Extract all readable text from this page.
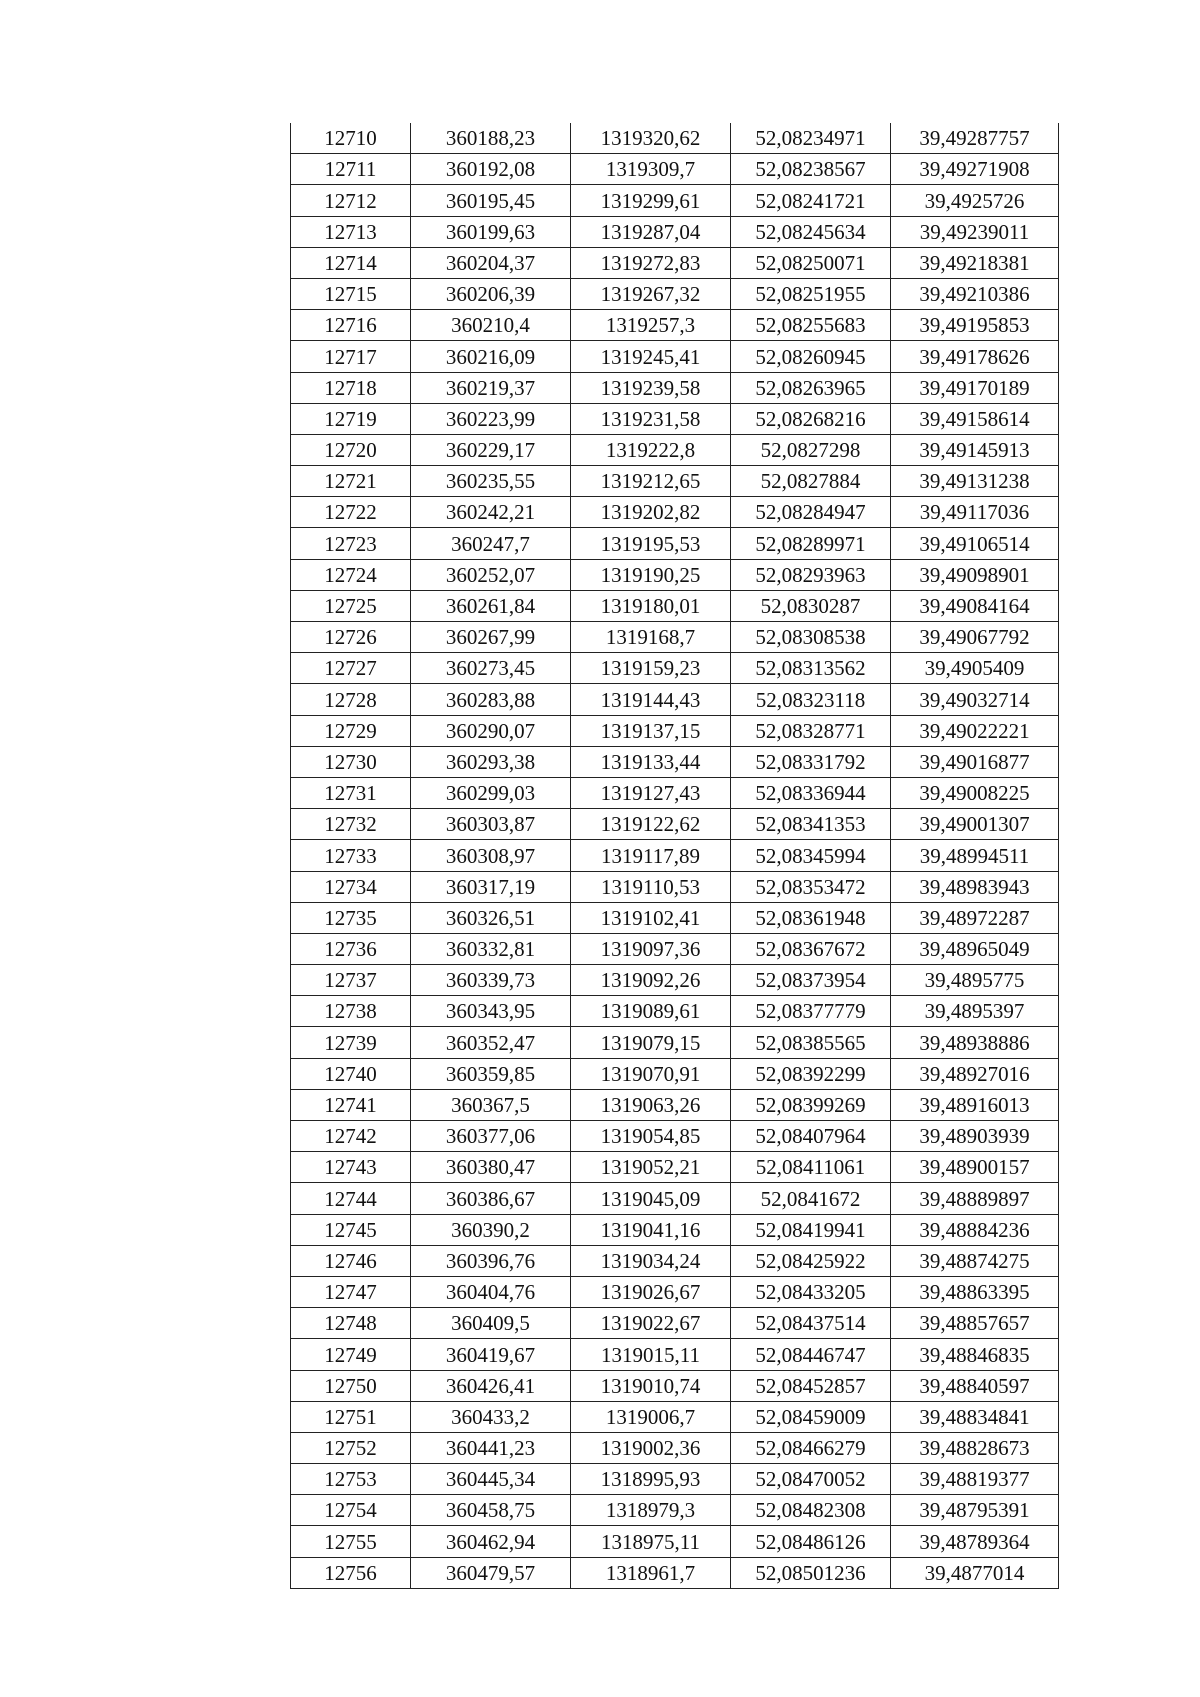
12710	360188,23	1319320,62	52,08234971	39,49287757
12711	360192,08	1319309,7	52,08238567	39,49271908
12712	360195,45	1319299,61	52,08241721	39,4925726
12713	360199,63	1319287,04	52,08245634	39,49239011
12714	360204,37	1319272,83	52,08250071	39,49218381
12715	360206,39	1319267,32	52,08251955	39,49210386
12716	360210,4	1319257,3	52,08255683	39,49195853
12717	360216,09	1319245,41	52,08260945	39,49178626
12718	360219,37	1319239,58	52,08263965	39,49170189
12719	360223,99	1319231,58	52,08268216	39,49158614
12720	360229,17	1319222,8	52,0827298	39,49145913
12721	360235,55	1319212,65	52,0827884	39,49131238
12722	360242,21	1319202,82	52,08284947	39,49117036
12723	360247,7	1319195,53	52,08289971	39,49106514
12724	360252,07	1319190,25	52,08293963	39,49098901
12725	360261,84	1319180,01	52,0830287	39,49084164
12726	360267,99	1319168,7	52,08308538	39,49067792
12727	360273,45	1319159,23	52,08313562	39,4905409
12728	360283,88	1319144,43	52,08323118	39,49032714
12729	360290,07	1319137,15	52,08328771	39,49022221
12730	360293,38	1319133,44	52,08331792	39,49016877
12731	360299,03	1319127,43	52,08336944	39,49008225
12732	360303,87	1319122,62	52,08341353	39,49001307
12733	360308,97	1319117,89	52,08345994	39,48994511
12734	360317,19	1319110,53	52,08353472	39,48983943
12735	360326,51	1319102,41	52,08361948	39,48972287
12736	360332,81	1319097,36	52,08367672	39,48965049
12737	360339,73	1319092,26	52,08373954	39,4895775
12738	360343,95	1319089,61	52,08377779	39,4895397
12739	360352,47	1319079,15	52,08385565	39,48938886
12740	360359,85	1319070,91	52,08392299	39,48927016
12741	360367,5	1319063,26	52,08399269	39,48916013
12742	360377,06	1319054,85	52,08407964	39,48903939
12743	360380,47	1319052,21	52,08411061	39,48900157
12744	360386,67	1319045,09	52,0841672	39,48889897
12745	360390,2	1319041,16	52,08419941	39,48884236
12746	360396,76	1319034,24	52,08425922	39,48874275
12747	360404,76	1319026,67	52,08433205	39,48863395
12748	360409,5	1319022,67	52,08437514	39,48857657
12749	360419,67	1319015,11	52,08446747	39,48846835
12750	360426,41	1319010,74	52,08452857	39,48840597
12751	360433,2	1319006,7	52,08459009	39,48834841
12752	360441,23	1319002,36	52,08466279	39,48828673
12753	360445,34	1318995,93	52,08470052	39,48819377
12754	360458,75	1318979,3	52,08482308	39,48795391
12755	360462,94	1318975,11	52,08486126	39,48789364
12756	360479,57	1318961,7	52,08501236	39,4877014
